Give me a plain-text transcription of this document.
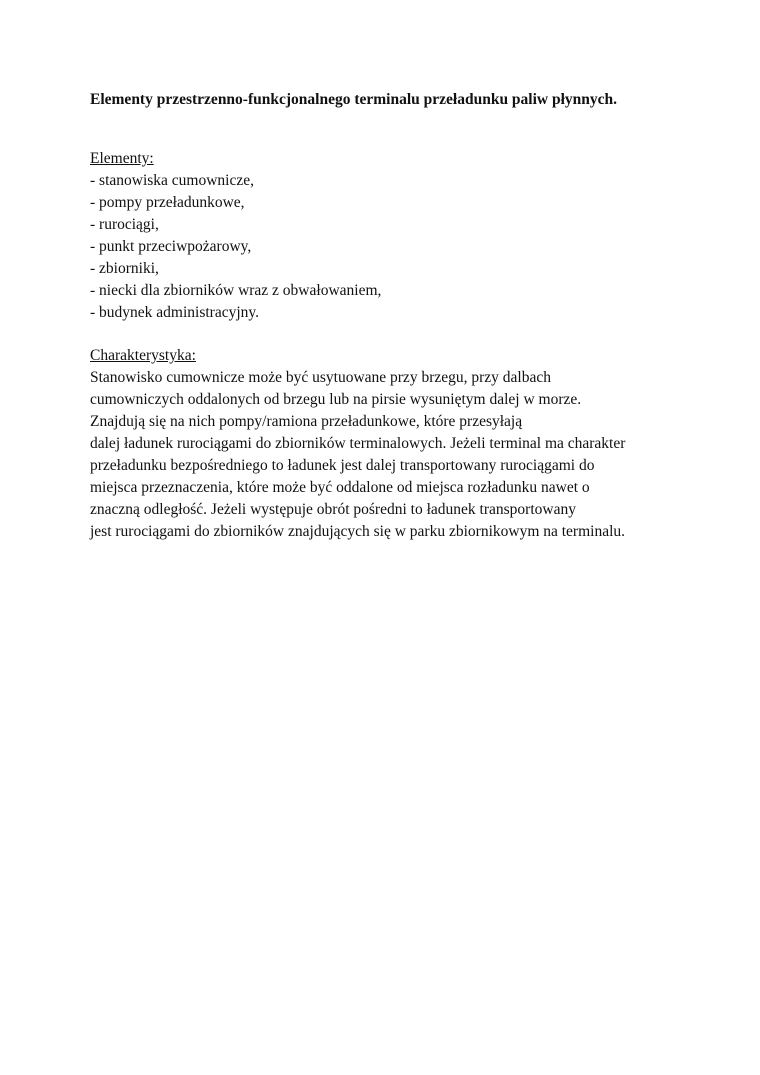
Elementy przestrzenno-funkcjonalnego terminalu przeładunku paliw płynnych.
Elementy:
- stanowiska cumownicze,
- pompy przeładunkowe,
- rurociągi,
- punkt przeciwpożarowy,
- zbiorniki,
- niecki dla zbiorników wraz z obwałowaniem,
- budynek administracyjny.
Charakterystyka:
Stanowisko cumownicze może być usytuowane przy brzegu, przy dalbach
cumowniczych oddalonych od brzegu lub na pirsie wysuniętym dalej w morze.
Znajdują się na nich pompy/ramiona przeładunkowe, które przesyłają
dalej ładunek rurociągami do zbiorników terminalowych. Jeżeli terminal ma charakter
przeładunku bezpośredniego to ładunek jest dalej transportowany rurociągami do
miejsca przeznaczenia, które może być oddalone od miejsca rozładunku nawet o
znaczną odległość. Jeżeli występuje obrót pośredni to ładunek transportowany
jest rurociągami do zbiorników znajdujących się w parku zbiornikowym na terminalu.
